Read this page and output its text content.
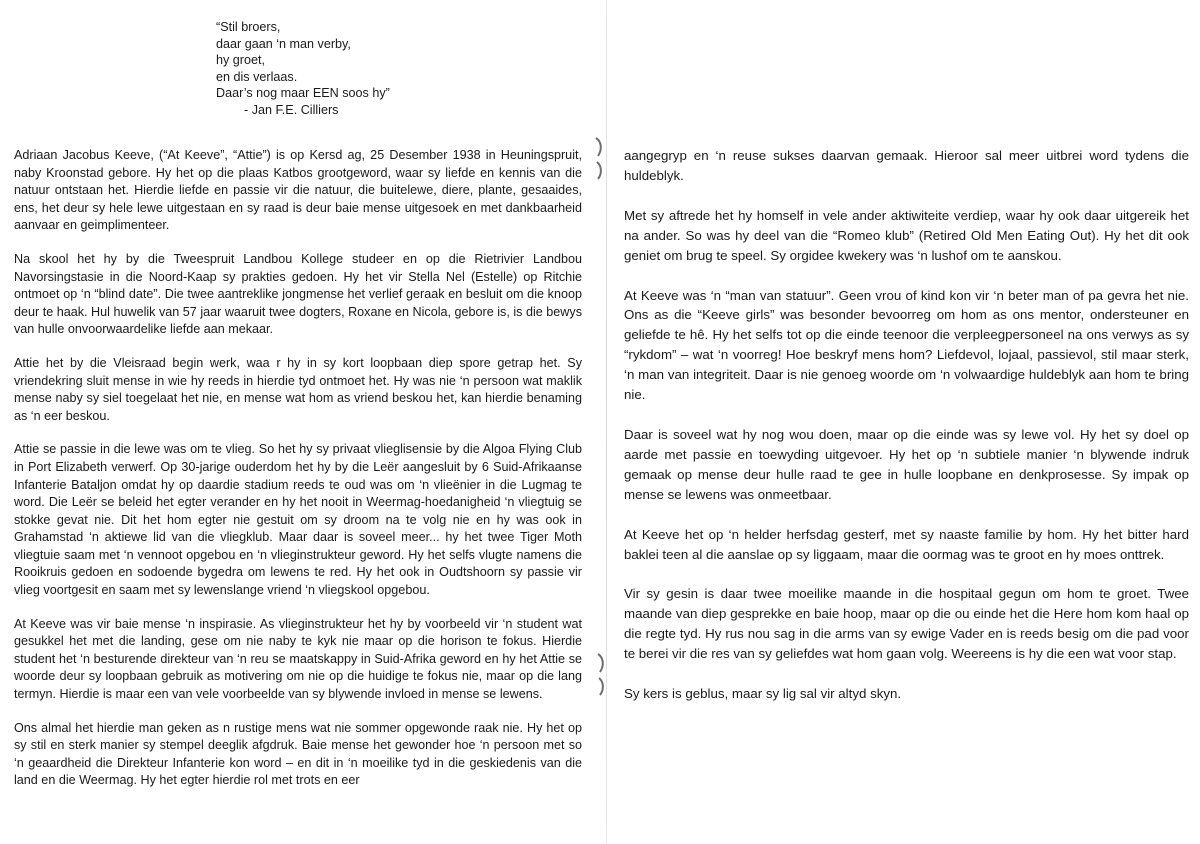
“Stil broers,
daar gaan ‘n man verby,
hy groet,
en dis verlaas.
Daar’s nog maar EEN soos hy”
- Jan F.E. Cilliers

Adriaan Jacobus Keeve, (“At Keeve”, “Attie”) is op Kersd ag, 25 Desember 1938 in Heuningspruit, naby Kroonstad gebore. Hy het op die plaas Katbos grootgeword, waar sy liefde en kennis van die natuur ontstaan het. Hierdie liefde en passie vir die natuur, die buitelewe, diere, plante, gesaaides, ens, het deur sy hele lewe uitgestaan en sy raad is deur baie mense uitgesoek en met dankbaarheid aanvaar en geimplimenteer.

Na skool het hy by die Tweespruit Landbou Kollege studeer en op die Rietrivier Landbou Navorsingstasie in die Noord-Kaap sy prakties gedoen. Hy het vir Stella Nel (Estelle) op Ritchie ontmoet op ‘n “blind date”. Die twee aantreklike jongmense het verlief geraak en besluit om die knoop deur te haak. Hul huwelik van 57 jaar waaruit twee dogters, Roxane en Nicola, gebore is, is die bewys van hulle onvoorwaardelike liefde aan mekaar.

Attie het by die Vleisraad begin werk, waa r hy in sy kort loopbaan diep spore getrap het. Sy vriendekring sluit mense in wie hy reeds in hierdie tyd ontmoet het. Hy was nie ‘n persoon wat maklik mense naby sy siel toegelaat het nie, en mense wat hom as vriend beskou het, kan hierdie benaming as ‘n eer beskou.

Attie se passie in die lewe was om te vlieg. So het hy sy privaat vlieglisensie by die Algoa Flying Club in Port Elizabeth verwerf. Op 30-jarige ouderdom het hy by die Leër aangesluit by 6 Suid-Afrikaanse Infanterie Bataljon omdat hy op daardie stadium reeds te oud was om ‘n vlieënier in die Lugmag te word. Die Leër se beleid het egter verander en hy het nooit in Weermag-hoedanigheid ‘n vliegtuig se stokke gevat nie. Dit het hom egter nie gestuit om sy droom na te volg nie en hy was ook in Grahamstad ‘n aktiewe lid van die vliegklub. Maar daar is soveel meer... hy het twee Tiger Moth vliegtuie saam met ‘n vennoot opgebou en ‘n vlieginstrukteur geword. Hy het selfs vlugte namens die Rooikruis gedoen en sodoende bygedra om lewens te red. Hy het ook in Oudtshoorn sy passie vir vlieg voortgesit en saam met sy lewenslange vriend ‘n vliegskool opgebou.

At Keeve was vir baie mense ‘n inspirasie. As vlieginstrukteur het hy by voorbeeld vir ‘n student wat gesukkel het met die landing, gese om nie naby te kyk nie maar op die horison te fokus. Hierdie student het ‘n besturende direkteur van ‘n reu se maatskappy in Suid-Afrika geword en hy het Attie se woorde deur sy loopbaan gebruik as motivering om nie op die huidige te fokus nie, maar op die lang termyn. Hierdie is maar een van vele voorbeelde van sy blywende invloed in mense se lewens.

Ons almal het hierdie man geken as n rustige mens wat nie sommer opgewonde raak nie. Hy het op sy stil en sterk manier sy stempel deeglik afgdruk. Baie mense het gewonder hoe ‘n persoon met so ‘n geaardheid die Direkteur Infanterie kon word – en dit in ‘n moeilike tyd in die geskiedenis van die land en die Weermag. Hy het egter hierdie rol met trots en eer

aangegryp en ‘n reuse sukses daarvan gemaak. Hieroor sal meer uitbrei word tydens die huldeblyk.

Met sy aftrede het hy homself in vele ander aktiwiteite verdiep, waar hy ook daar uitgereik het na ander. So was hy deel van die “Romeo klub” (Retired Old Men Eating Out). Hy het dit ook geniet om brug te speel. Sy orgidee kwekery was ‘n lushof om te aanskou.

At Keeve was ‘n “man van statuur”. Geen vrou of kind kon vir ‘n beter man of pa gevra het nie. Ons as die “Keeve girls” was besonder bevoorreg om hom as ons mentor, ondersteuner en geliefde te hê. Hy het selfs tot op die einde teenoor die verpleegpersoneel na ons verwys as sy “rykdom” – wat ‘n voorreg! Hoe beskryf mens hom? Liefdevol, lojaal, passievol, stil maar sterk, ‘n man van integriteit. Daar is nie genoeg woorde om ‘n volwaardige huldeblyk aan hom te bring nie.

Daar is soveel wat hy nog wou doen, maar op die einde was sy lewe vol. Hy het sy doel op aarde met passie en toewyding uitgevoer. Hy het op ‘n subtiele manier ‘n blywende indruk gemaak op mense deur hulle raad te gee in hulle loopbane en denkprosesse. Sy impak op mense se lewens was onmeetbaar.

At Keeve het op ‘n helder herfsdag gesterf, met sy naaste familie by hom. Hy het bitter hard baklei teen al die aanslae op sy liggaam, maar die oormag was te groot en hy moes onttrek.

Vir sy gesin is daar twee moeilike maande in die hospitaal gegun om hom te groet. Twee maande van diep gesprekke en baie hoop, maar op die ou einde het die Here hom kom haal op die regte tyd. Hy rus nou sag in die arms van sy ewige Vader en is reeds besig om die pad voor te berei vir die res van sy geliefdes wat hom gaan volg. Weereens is hy die een wat voor stap.

Sy kers is geblus, maar sy lig sal vir altyd skyn.
